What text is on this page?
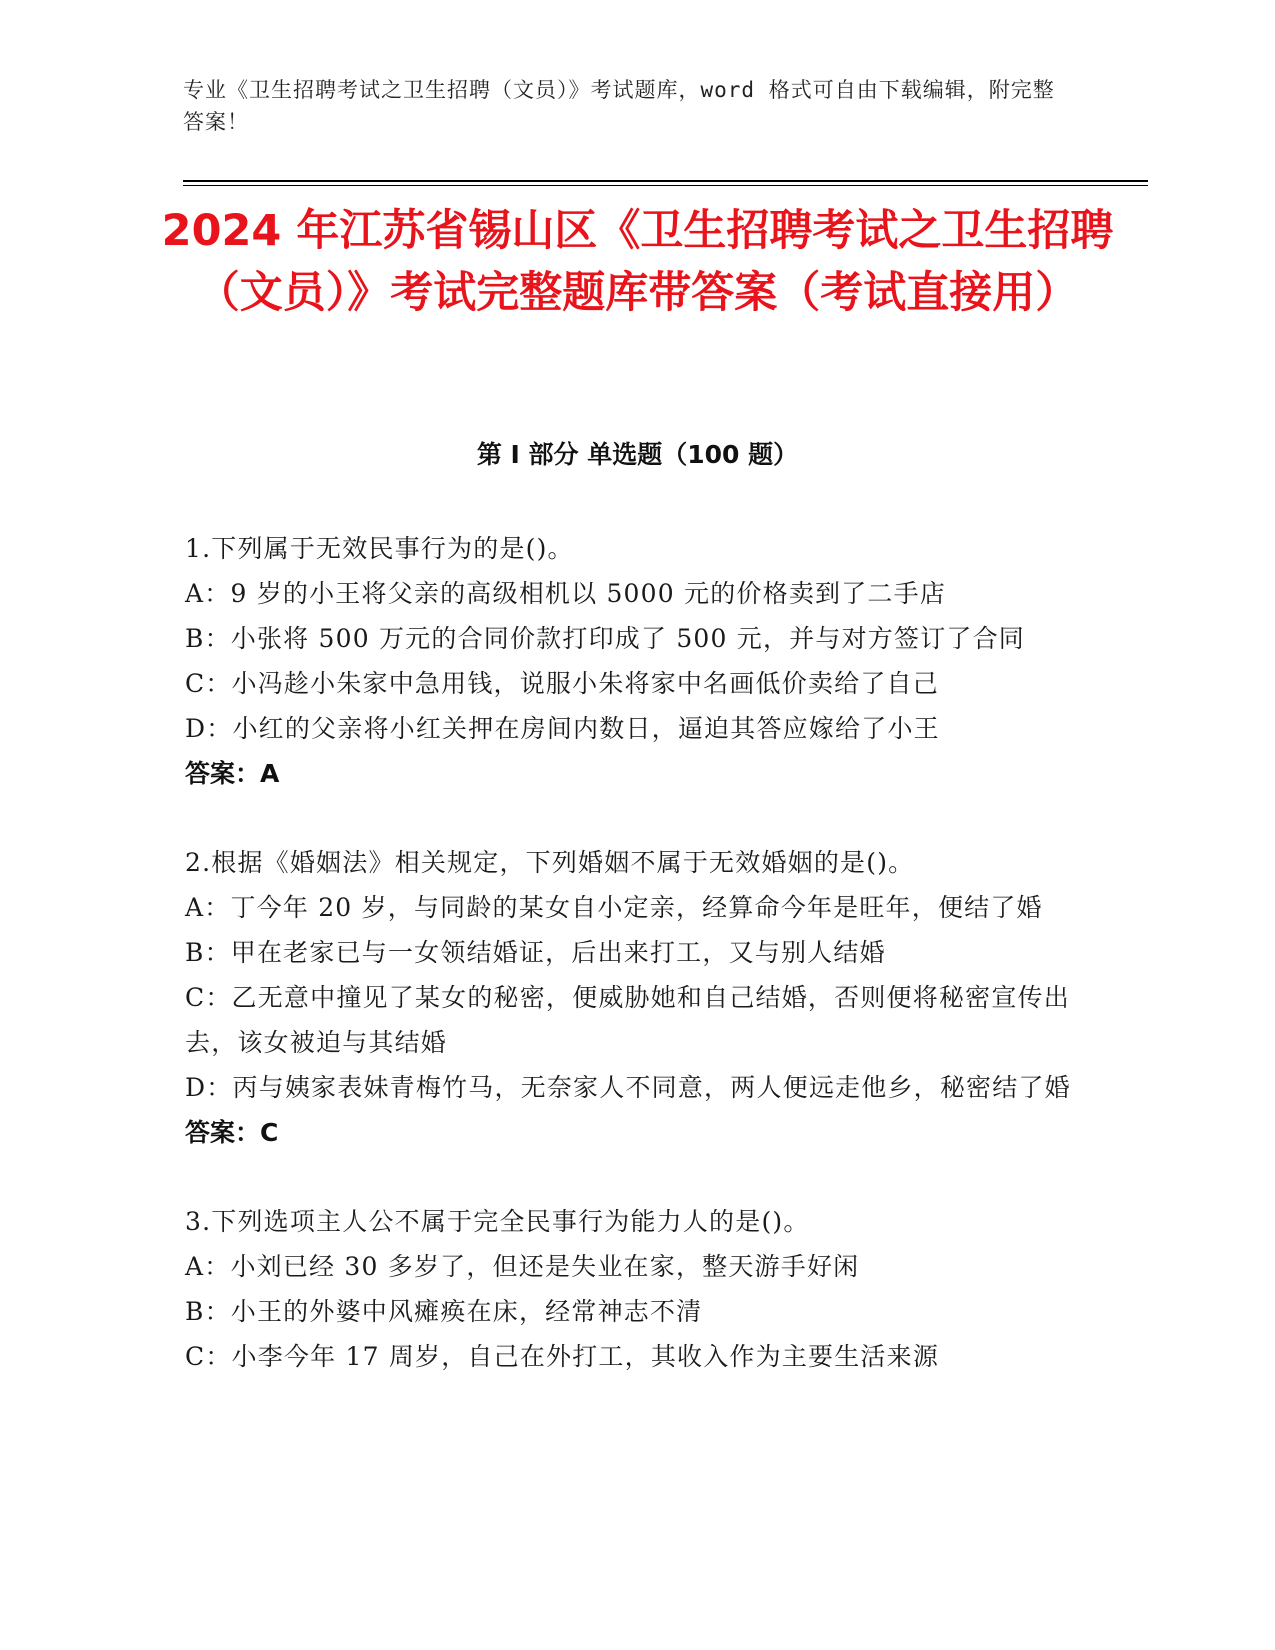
专业《卫生招聘考试之卫生招聘（文员）》考试题库，word 格式可自由下载编辑，附完整答案！
2024 年江苏省锡山区《卫生招聘考试之卫生招聘（文员）》考试完整题库带答案（考试直接用）
第 I 部分 单选题（100 题）
1.下列属于无效民事行为的是()。
A：9 岁的小王将父亲的高级相机以 5000 元的价格卖到了二手店
B：小张将 500 万元的合同价款打印成了 500 元，并与对方签订了合同
C：小冯趁小朱家中急用钱，说服小朱将家中名画低价卖给了自己
D：小红的父亲将小红关押在房间内数日，逼迫其答应嫁给了小王
答案：A
2.根据《婚姻法》相关规定，下列婚姻不属于无效婚姻的是()。
A：丁今年 20 岁，与同龄的某女自小定亲，经算命今年是旺年，便结了婚
B：甲在老家已与一女领结婚证，后出来打工，又与别人结婚
C：乙无意中撞见了某女的秘密，便威胁她和自己结婚，否则便将秘密宣传出去，该女被迫与其结婚
D：丙与姨家表妹青梅竹马，无奈家人不同意，两人便远走他乡，秘密结了婚
答案：C
3.下列选项主人公不属于完全民事行为能力人的是()。
A：小刘已经 30 多岁了，但还是失业在家，整天游手好闲
B：小王的外婆中风瘫痪在床，经常神志不清
C：小李今年 17 周岁，自己在外打工，其收入作为主要生活来源
